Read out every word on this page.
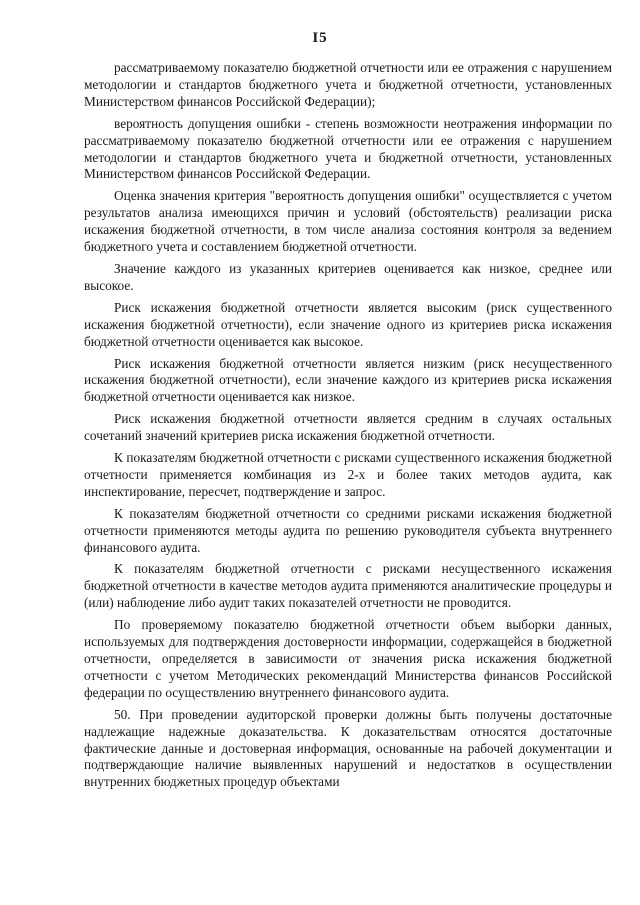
I5

рассматриваемому показателю бюджетной отчетности или ее отражения с нарушением методологии и стандартов бюджетного учета и бюджетной отчетности, установленных Министерством финансов Российской Федерации);

вероятность допущения ошибки - степень возможности неотражения информации по рассматриваемому показателю бюджетной отчетности или ее отражения с нарушением методологии и стандартов бюджетного учета и бюджетной отчетности, установленных Министерством финансов Российской Федерации.

Оценка значения критерия "вероятность допущения ошибки" осуществляется с учетом результатов анализа имеющихся причин и условий (обстоятельств) реализации риска искажения бюджетной отчетности, в том числе анализа состояния контроля за ведением бюджетного учета и составлением бюджетной отчетности.

Значение каждого из указанных критериев оценивается как низкое, среднее или высокое.

Риск искажения бюджетной отчетности является высоким (риск существенного искажения бюджетной отчетности), если значение одного из критериев риска искажения бюджетной отчетности оценивается как высокое.

Риск искажения бюджетной отчетности является низким (риск несущественного искажения бюджетной отчетности), если значение каждого из критериев риска искажения бюджетной отчетности оценивается как низкое.

Риск искажения бюджетной отчетности является средним в случаях остальных сочетаний значений критериев риска искажения бюджетной отчетности.

К показателям бюджетной отчетности с рисками существенного искажения бюджетной отчетности применяется комбинация из 2-х и более таких методов аудита, как инспектирование, пересчет, подтверждение и запрос.

К показателям бюджетной отчетности со средними рисками искажения бюджетной отчетности применяются методы аудита по решению руководителя субъекта внутреннего финансового аудита.

К показателям бюджетной отчетности с рисками несущественного искажения бюджетной отчетности в качестве методов аудита применяются аналитические процедуры и (или) наблюдение либо аудит таких показателей отчетности не проводится.

По проверяемому показателю бюджетной отчетности объем выборки данных, используемых для подтверждения достоверности информации, содержащейся в бюджетной отчетности, определяется в зависимости от значения риска искажения бюджетной отчетности с учетом Методических рекомендаций Министерства финансов Российской федерации по осуществлению внутреннего финансового аудита.

50. При проведении аудиторской проверки должны быть получены достаточные надлежащие надежные доказательства. К доказательствам относятся достаточные фактические данные и достоверная информация, основанные на рабочей документации и подтверждающие наличие выявленных нарушений и недостатков в осуществлении внутренних бюджетных процедур объектами
